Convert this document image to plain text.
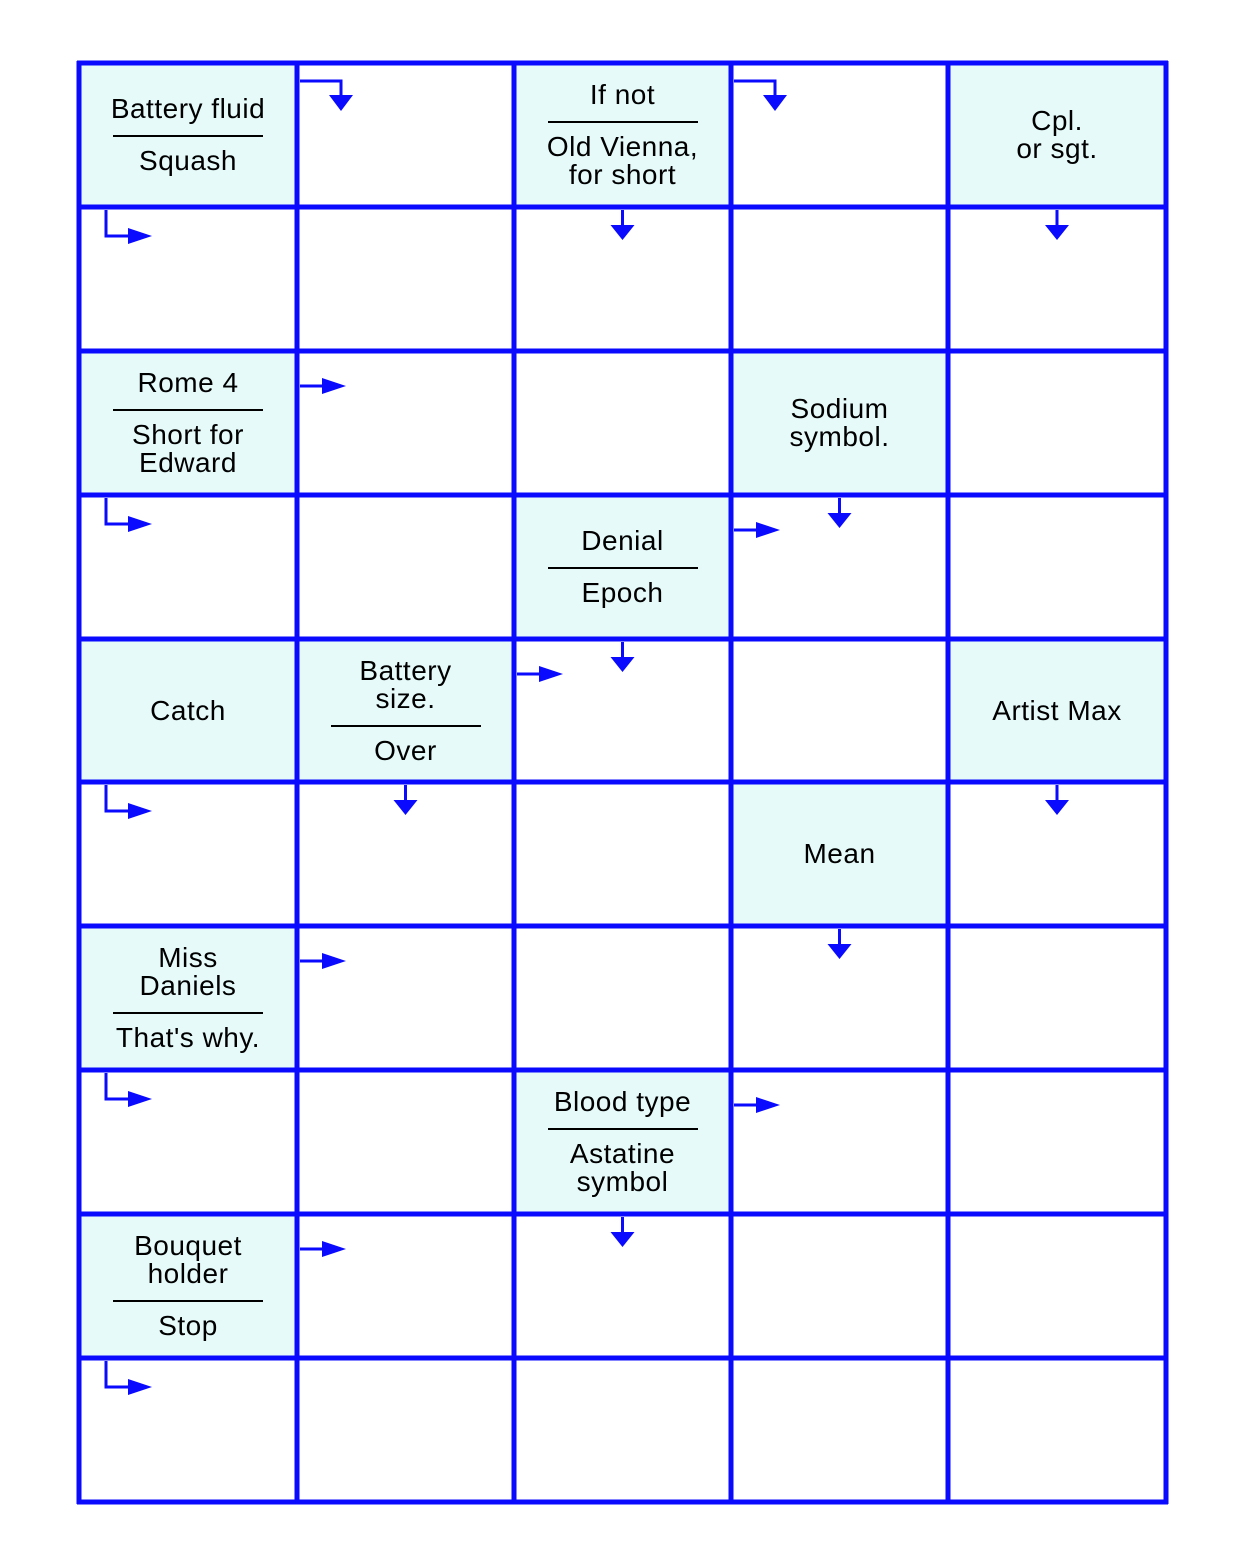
Battery fluid
Squash
If not
Old Vienna,
for short
Cpl.
or sgt.
Rome 4
Short for
Edward
Sodium
symbol.
Denial
Epoch
Catch
Battery
size.
Over
Artist Max
Mean
Miss
Daniels
That's why.
Blood type
Astatine
symbol
Bouquet
holder
Stop
